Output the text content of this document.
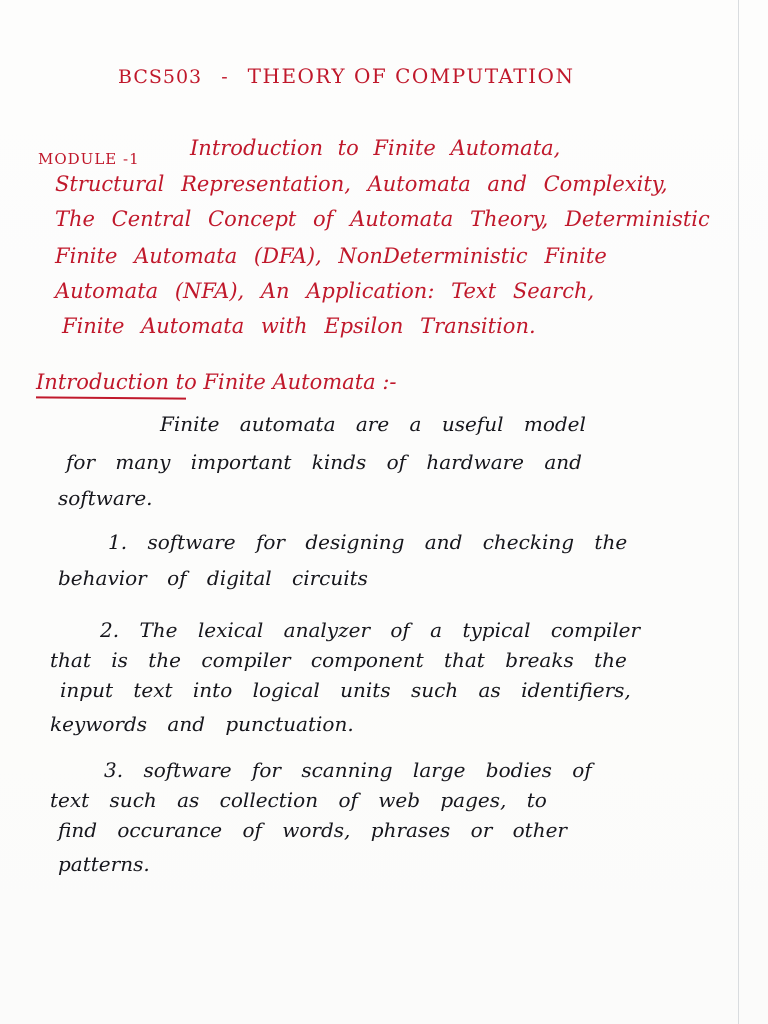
BCS503 - THEORY OF COMPUTATION
MODULE -1 Introduction to Finite Automata,
Structural Representation, Automata and Complexity,
The Central Concept of Automata Theory, Deterministic
Finite Automata (DFA), NonDeterministic Finite
Automata (NFA), An Application: Text Search,
Finite Automata with Epsilon Transition.
Introduction to Finite Automata :-
Finite automata are a useful model
for many important kinds of hardware and
software.
1. software for designing and checking the
behavior of digital circuits
2. The lexical analyzer of a typical compiler
that is the compiler component that breaks the
input text into logical units such as identifiers,
keywords and punctuation.
3. software for scanning large bodies of
text such as collection of web pages, to
find occurance of words, phrases or other
patterns.
